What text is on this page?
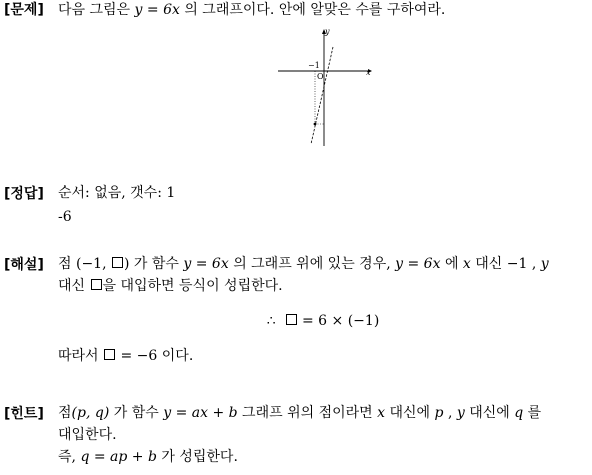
[문제] 다음 그림은 y = 6x 의 그래프이다. 안에 알맞은 수를 구하여라.
x
y
−1
O
[정답] 순서: 없음, 갯수: 1
-6
[해설] 점 (−1, ) 가 함수 y = 6x 의 그래프 위에 있는 경우, y = 6x 에 x 대신 −1 , y
대신 을 대입하면 등식이 성립한다.
∴ = 6 × (−1)
따라서 = −6 이다.
[힌트] 점(p, q) 가 함수 y = ax + b 그래프 위의 점이라면 x 대신에 p , y 대신에 q 를
대입한다.
즉, q = ap + b 가 성립한다.
